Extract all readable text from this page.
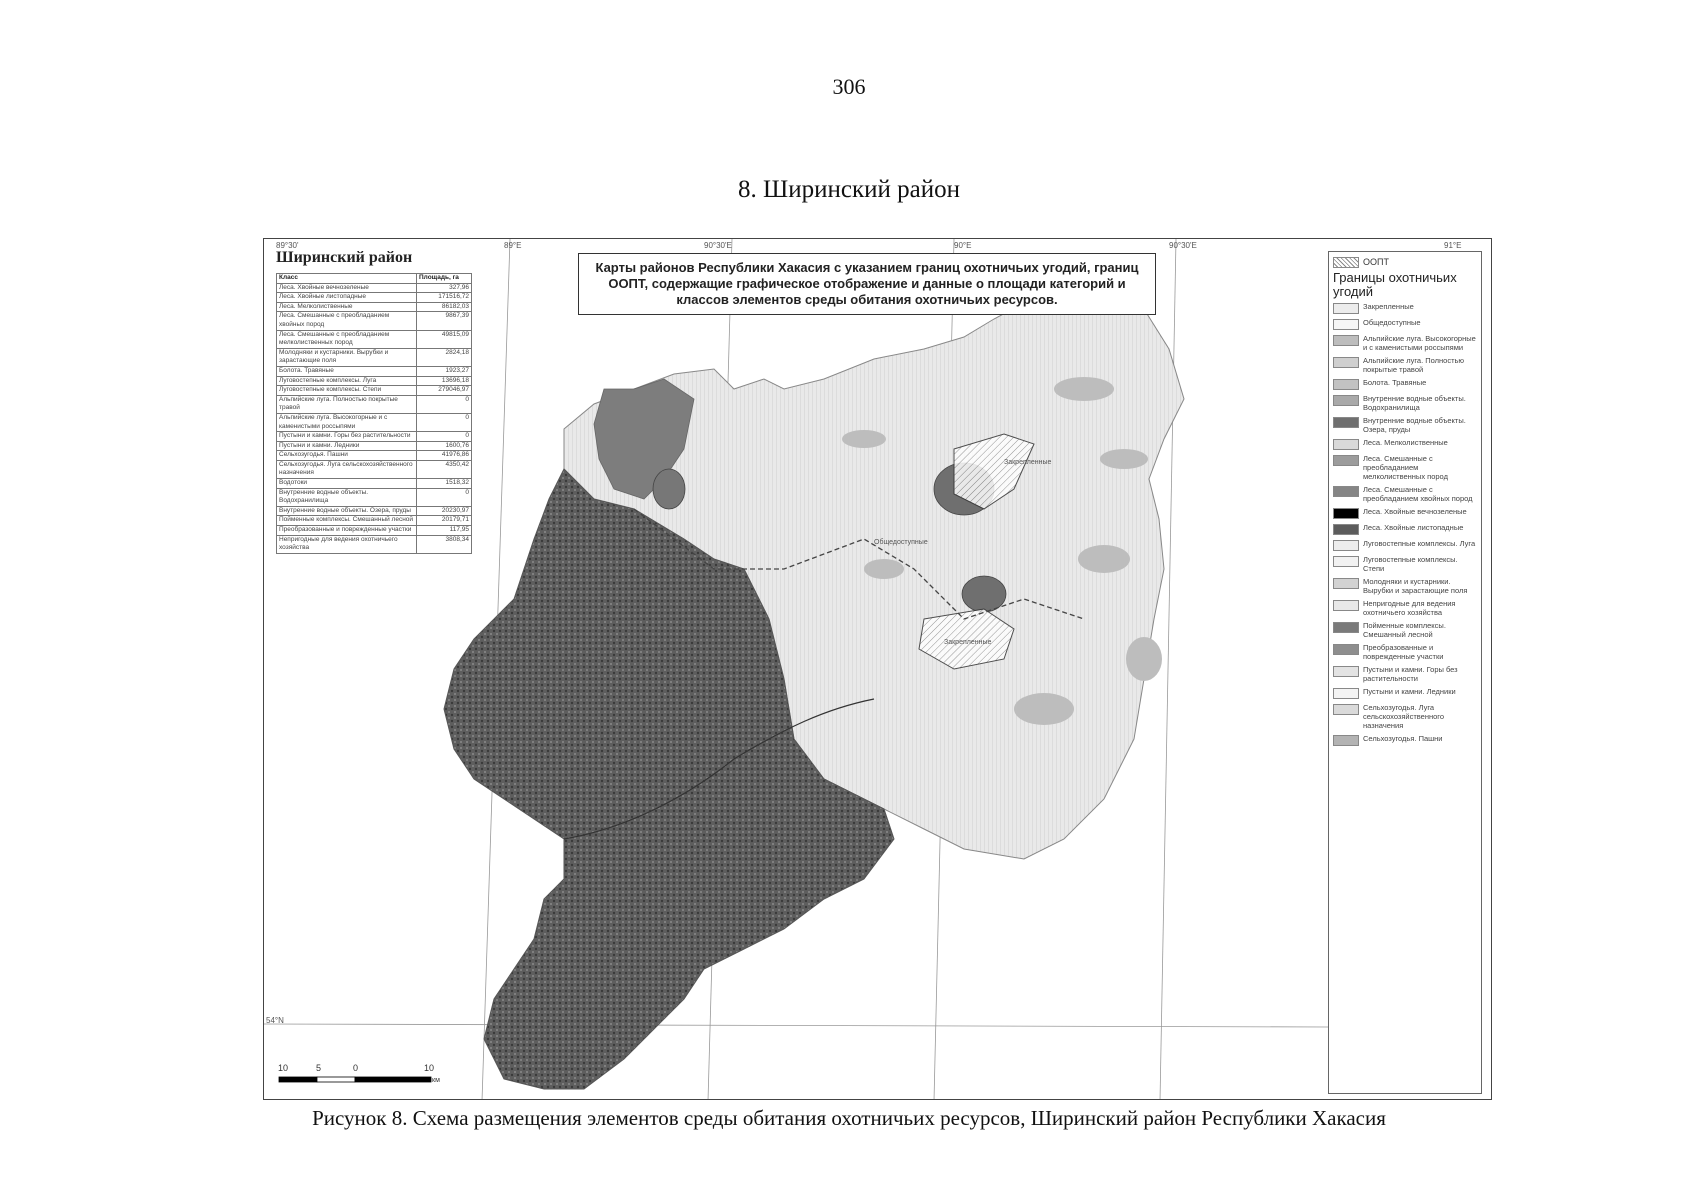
306
8. Ширинский район
89°30'	89°E	90°30'E	90°E	90°30'E	91°E
54°N
Карты районов Республики Хакасия с указанием границ охотничьих угодий, границ ООПТ, содержащие графическое отображение и данные о площади категорий и классов элементов среды обитания охотничьих ресурсов.
Общедоступные
Закрепленные
Закрепленные
Ширинский район
Класс	Площадь, га
Леса. Хвойные вечнозеленые	327,96
Леса. Хвойные листопадные	171516,72
Леса. Мелколиственные	86182,03
Леса. Смешанные с преобладанием хвойных пород	9867,39
Леса. Смешанные с преобладанием мелколиственных пород	49815,09
Молодняки и кустарники. Вырубки и зарастающие поля	2824,18
Болота. Травяные	1923,27
Луговостепные комплексы. Луга	13696,18
Луговостепные комплексы. Степи	279046,97
Альпийские луга. Полностью покрытые травой	0
Альпийские луга. Высокогорные и с каменистыми россыпями	0
Пустыни и камни. Горы без растительности	0
Пустыни и камни. Ледники	1600,76
Сельхозугодья. Пашни	41976,86
Сельхозугодья. Луга сельскохозяйственного назначения	4350,42
Водотоки	1518,32
Внутренние водные объекты. Водохранилища	0
Внутренние водные объекты. Озера, пруды	20230,97
Пойменные комплексы. Смешанный лесной	20179,71
Преобразованные и поврежденные участки	117,95
Непригодные для ведения охотничьего хозяйства	3808,34
ООПТ
Границы охотничьих угодий
Закрепленные
Общедоступные
Альпийские луга. Высокогорные и с каменистыми россыпями
Альпийские луга. Полностью покрытые травой
Болота. Травяные
Внутренние водные объекты. Водохранилища
Внутренние водные объекты. Озера, пруды
Леса. Мелколиственные
Леса. Смешанные с преобладанием мелколиственных пород
Леса. Смешанные с преобладанием хвойных пород
Леса. Хвойные вечнозеленые
Леса. Хвойные листопадные
Луговостепные комплексы. Луга
Луговостепные комплексы. Степи
Молодняки и кустарники. Вырубки и зарастающие поля
Непригодные для ведения охотничьего хозяйства
Пойменные комплексы. Смешанный лесной
Преобразованные и поврежденные участки
Пустыни и камни. Горы без растительности
Пустыни и камни. Ледники
Сельхозугодья. Луга сельскохозяйственного назначения
Сельхозугодья. Пашни
10	5	0	10
км
Рисунок 8. Схема размещения элементов среды обитания охотничьих ресурсов, Ширинский район Республики Хакасия
